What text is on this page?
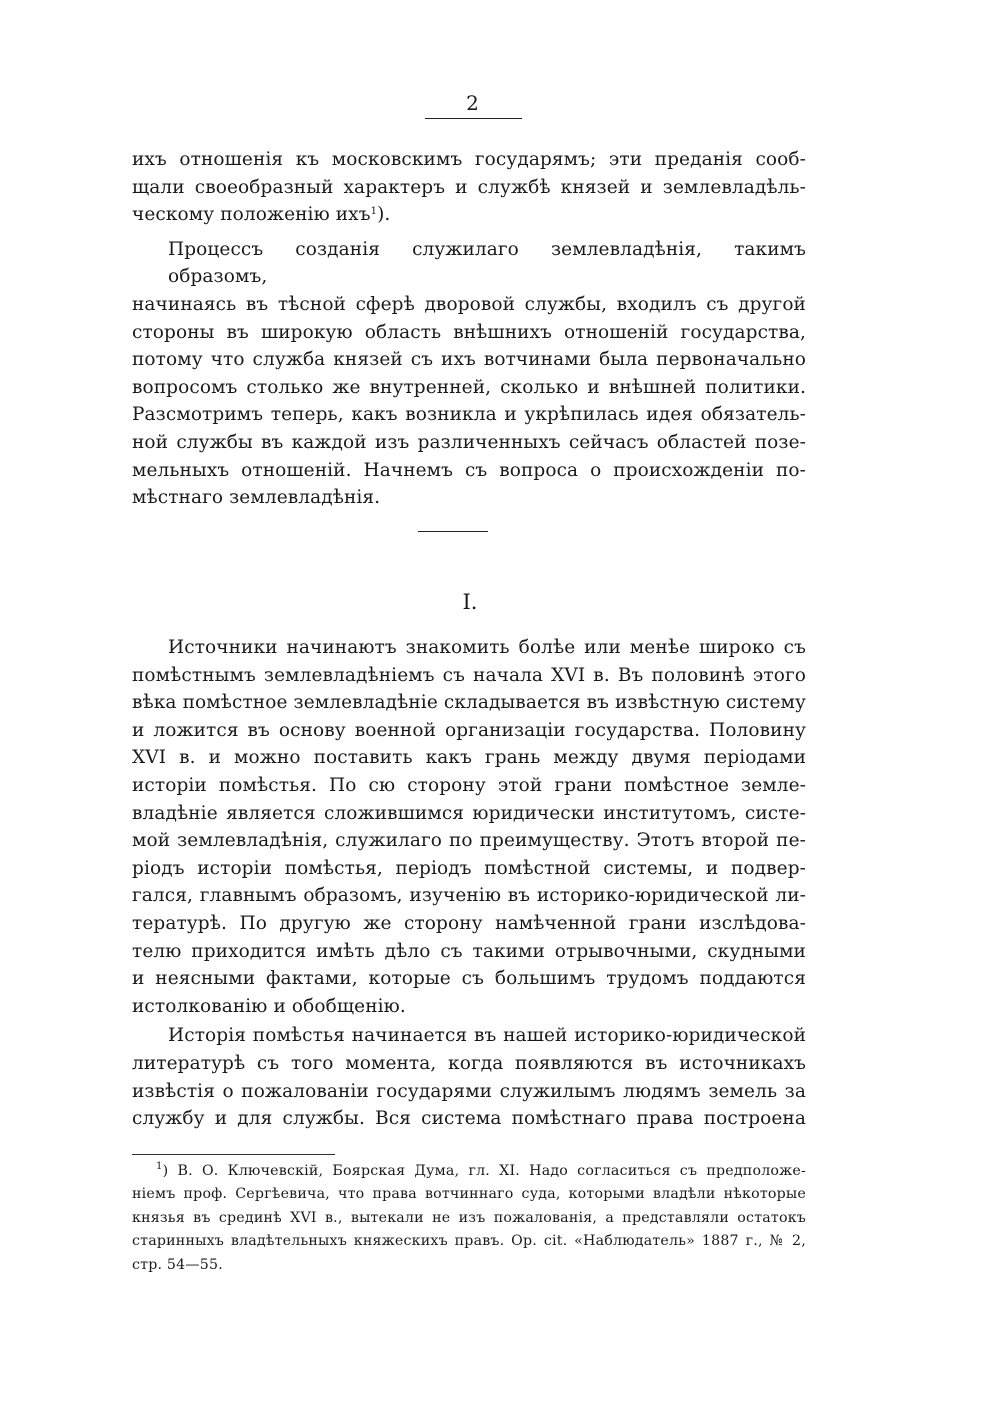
2

ихъ отношенія къ московскимъ государямъ; эти преданія сооб-
щали своеобразный характеръ и службѣ князей и землевладѣль-
ческому положенію ихъ$^1$).

Процессъ созданія служилаго землевладѣнія, такимъ образомъ,
начинаясь въ тѣсной сферѣ дворовой службы, входилъ съ другой
стороны въ широкую область внѣшнихъ отношеній государства,
потому что служба князей съ ихъ вотчинами была первоначально
вопросомъ столько же внутренней, сколько и внѣшней политики.
Разсмотримъ теперь, какъ возникла и укрѣпилась идея обязатель-
ной службы въ каждой изъ различенныхъ сейчасъ областей позе-
мельныхъ отношеній. Начнемъ съ вопроса о происхожденіи по-
мѣстнаго землевладѣнія.

I.

Источники начинаютъ знакомить болѣе или менѣе широко съ
помѣстнымъ землевладѣніемъ съ начала XVI в. Въ половинѣ этого
вѣка помѣстное землевладѣніе складывается въ извѣстную систему
и ложится въ основу военной организаціи государства. Половину
XVI в. и можно поставить какъ грань между двумя періодами
исторіи помѣстья. По сю сторону этой грани помѣстное земле-
владѣніе является сложившимся юридически институтомъ, систе-
мой землевладѣнія, служилаго по преимуществу. Этотъ второй пе-
ріодъ исторіи помѣстья, періодъ помѣстной системы, и подвер-
гался, главнымъ образомъ, изученію въ историко-юридической ли-
тературѣ. По другую же сторону намѣченной грани изслѣдова-
телю приходится имѣть дѣло съ такими отрывочными, скудными
и неясными фактами, которые съ большимъ трудомъ поддаются
истолкованію и обобщенію.

Исторія помѣстья начинается въ нашей историко-юридической
литературѣ съ того момента, когда появляются въ источникахъ
извѣстія о пожалованіи государями служилымъ людямъ земель за
службу и для службы. Вся система помѣстнаго права построена

$^1$) В. О. Ключевскій, Боярская Дума, гл. XI. Надо согласиться съ предположе-
ніемъ проф. Сергѣевича, что права вотчиннаго суда, которыми владѣли нѣкоторые
князья въ срединѣ XVI в., вытекали не изъ пожалованія, а представляли остатокъ
старинныхъ владѣтельныхъ княжескихъ правъ. Op. cit. «Наблюдатель» 1887 г., № 2,
стр. 54—55.
